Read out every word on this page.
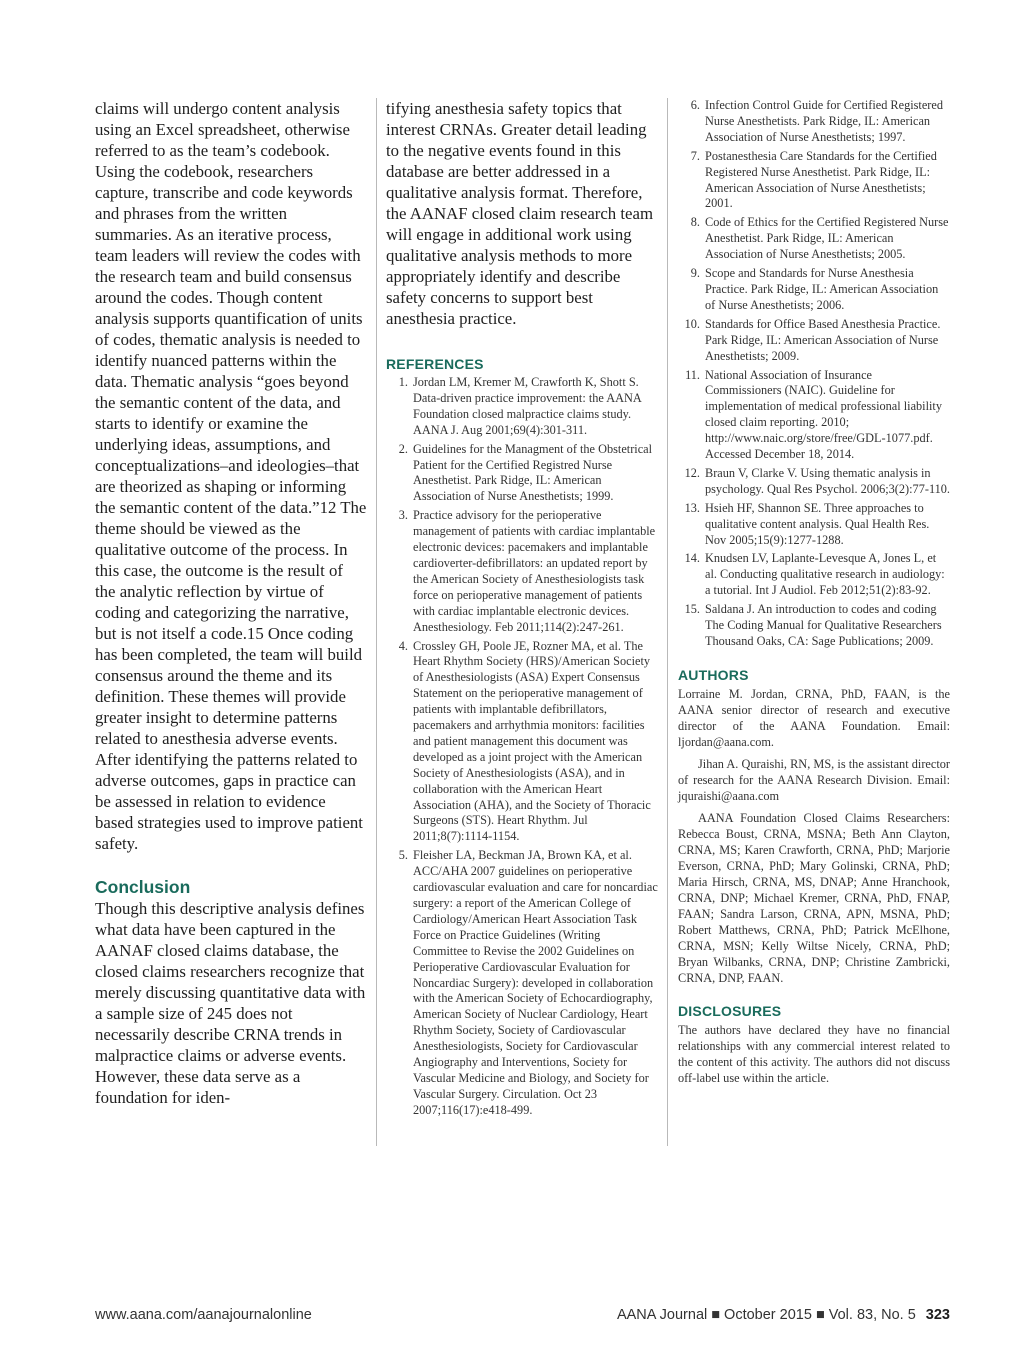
claims will undergo content analysis using an Excel spreadsheet, otherwise referred to as the team’s codebook. Using the codebook, researchers capture, transcribe and code keywords and phrases from the written summaries. As an iterative process, team leaders will review the codes with the research team and build consensus around the codes. Though content analysis supports quantification of units of codes, thematic analysis is needed to identify nuanced patterns within the data. Thematic analysis “goes beyond the semantic content of the data, and starts to identify or examine the underlying ideas, assumptions, and conceptualizations–and ideologies–that are theorized as shaping or informing the semantic content of the data.”12 The theme should be viewed as the qualitative outcome of the process. In this case, the outcome is the result of the analytic reflection by virtue of coding and categorizing the narrative, but is not itself a code.15 Once coding has been completed, the team will build consensus around the theme and its definition. These themes will provide greater insight to determine patterns related to anesthesia adverse events. After identifying the patterns related to adverse outcomes, gaps in practice can be assessed in relation to evidence based strategies used to improve patient safety.

Conclusion

Though this descriptive analysis defines what data have been captured in the AANAF closed claims database, the closed claims researchers recognize that merely discussing quantitative data with a sample size of 245 does not necessarily describe CRNA trends in malpractice claims or adverse events. However, these data serve as a foundation for iden-

tifying anesthesia safety topics that interest CRNAs. Greater detail leading to the negative events found in this database are better addressed in a qualitative analysis format. Therefore, the AANAF closed claim research team will engage in additional work using qualitative analysis methods to more appropriately identify and describe safety concerns to support best anesthesia practice.

REFERENCES
1. Jordan LM, Kremer M, Crawforth K, Shott S. Data-driven practice improvement: the AANA Foundation closed malpractice claims study. AANA J. Aug 2001;69(4):301-311.
2. Guidelines for the Managment of the Obstetrical Patient for the Certified Registred Nurse Anesthetist. Park Ridge, IL: American Association of Nurse Anesthetists; 1999.
3. Practice advisory for the perioperative management of patients with cardiac implantable electronic devices: pacemakers and implantable cardioverter-defibrillators: an updated report by the American Society of Anesthesiologists task force on perioperative management of patients with cardiac implantable electronic devices. Anesthesiology. Feb 2011;114(2):247-261.
4. Crossley GH, Poole JE, Rozner MA, et al. The Heart Rhythm Society (HRS)/American Society of Anesthesiologists (ASA) Expert Consensus Statement on the perioperative management of patients with implantable defibrillators, pacemakers and arrhythmia monitors: facilities and patient management this document was developed as a joint project with the American Society of Anesthesiologists (ASA), and in collaboration with the American Heart Association (AHA), and the Society of Thoracic Surgeons (STS). Heart Rhythm. Jul 2011;8(7):1114-1154.
5. Fleisher LA, Beckman JA, Brown KA, et al. ACC/AHA 2007 guidelines on perioperative cardiovascular evaluation and care for noncardiac surgery: a report of the American College of Cardiology/American Heart Association Task Force on Practice Guidelines (Writing Committee to Revise the 2002 Guidelines on Perioperative Cardiovascular Evaluation for Noncardiac Surgery): developed in collaboration with the American Society of Echocardiography, American Society of Nuclear Cardiology, Heart Rhythm Society, Society of Cardiovascular Anesthesiologists, Society for Cardiovascular Angiography and Interventions, Society for Vascular Medicine and Biology, and Society for Vascular Surgery. Circulation. Oct 23 2007;116(17):e418-499.
6. Infection Control Guide for Certified Registered Nurse Anesthetists. Park Ridge, IL: American Association of Nurse Anesthetists; 1997.
7. Postanesthesia Care Standards for the Certified Registered Nurse Anesthetist. Park Ridge, IL: American Association of Nurse Anesthetists; 2001.
8. Code of Ethics for the Certified Registered Nurse Anesthetist. Park Ridge, IL: American Association of Nurse Anesthetists; 2005.
9. Scope and Standards for Nurse Anesthesia Practice. Park Ridge, IL: American Association of Nurse Anesthetists; 2006.
10. Standards for Office Based Anesthesia Practice. Park Ridge, IL: American Association of Nurse Anesthetists; 2009.
11. National Association of Insurance Commissioners (NAIC). Guideline for implementation of medical professional liability closed claim reporting. 2010; http://www.naic.org/store/free/GDL-1077.pdf. Accessed December 18, 2014.
12. Braun V, Clarke V. Using thematic analysis in psychology. Qual Res Psychol. 2006;3(2):77-110.
13. Hsieh HF, Shannon SE. Three approaches to qualitative content analysis. Qual Health Res. Nov 2005;15(9):1277-1288.
14. Knudsen LV, Laplante-Levesque A, Jones L, et al. Conducting qualitative research in audiology: a tutorial. Int J Audiol. Feb 2012;51(2):83-92.
15. Saldana J. An introduction to codes and coding The Coding Manual for Qualitative Researchers Thousand Oaks, CA: Sage Publications; 2009.
AUTHORS

Lorraine M. Jordan, CRNA, PhD, FAAN, is the AANA senior director of research and executive director of the AANA Foundation. Email: ljordan@aana.com.

Jihan A. Quraishi, RN, MS, is the assistant director of research for the AANA Research Division. Email: jquraishi@aana.com

AANA Foundation Closed Claims Researchers: Rebecca Boust, CRNA, MSNA; Beth Ann Clayton, CRNA, MS; Karen Crawforth, CRNA, PhD; Marjorie Everson, CRNA, PhD; Mary Golinski, CRNA, PhD; Maria Hirsch, CRNA, MS, DNAP; Anne Hranchook, CRNA, DNP; Michael Kremer, CRNA, PhD, FNAP, FAAN; Sandra Larson, CRNA, APN, MSNA, PhD; Robert Matthews, CRNA, PhD; Patrick McElhone, CRNA, MSN; Kelly Wiltse Nicely, CRNA, PhD; Bryan Wilbanks, CRNA, DNP; Christine Zambricki, CRNA, DNP, FAAN.

DISCLOSURES

The authors have declared they have no financial relationships with any commercial interest related to the content of this activity. The authors did not discuss off-label use within the article.

www.aana.com/aanajournalonline	AANA Journal ■ October 2015 ■ Vol. 83, No. 5 323
